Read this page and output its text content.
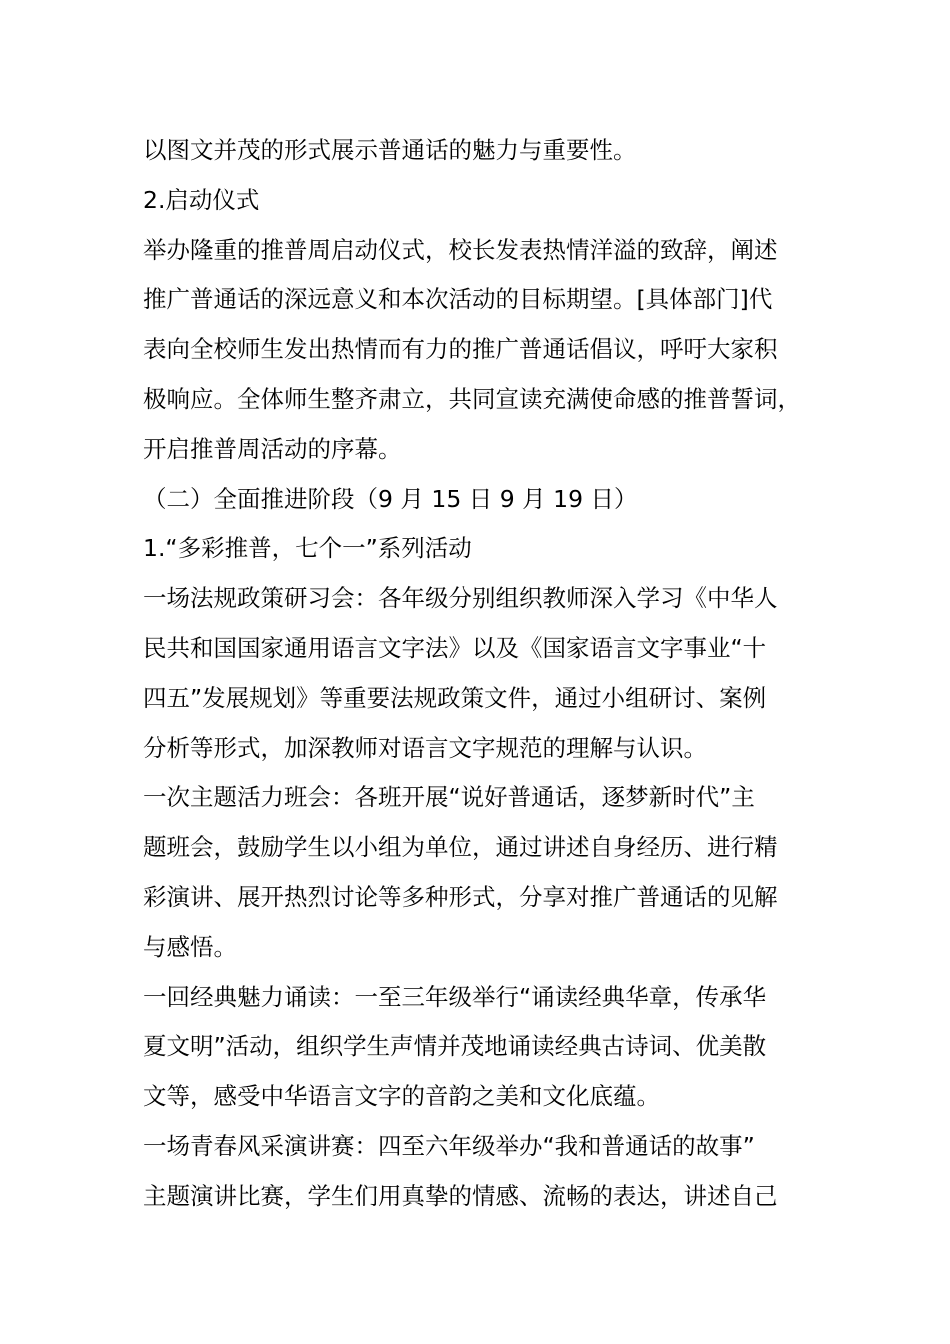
以图文并茂的形式展示普通话的魅力与重要性。
2.启动仪式
举办隆重的推普周启动仪式，校长发表热情洋溢的致辞，阐述
推广普通话的深远意义和本次活动的目标期望。[具体部门]代
表向全校师生发出热情而有力的推广普通话倡议，呼吁大家积
极响应。全体师生整齐肃立，共同宣读充满使命感的推普誓词，
开启推普周活动的序幕。
（二）全面推进阶段（9 月 15 日 9 月 19 日）
1.“多彩推普，七个一”系列活动
一场法规政策研习会：各年级分别组织教师深入学习《中华人
民共和国国家通用语言文字法》以及《国家语言文字事业“十
四五”发展规划》等重要法规政策文件，通过小组研讨、案例
分析等形式，加深教师对语言文字规范的理解与认识。
一次主题活力班会：各班开展“说好普通话，逐梦新时代”主
题班会，鼓励学生以小组为单位，通过讲述自身经历、进行精
彩演讲、展开热烈讨论等多种形式，分享对推广普通话的见解
与感悟。
一回经典魅力诵读：一至三年级举行“诵读经典华章，传承华
夏文明”活动，组织学生声情并茂地诵读经典古诗词、优美散
文等，感受中华语言文字的音韵之美和文化底蕴。
一场青春风采演讲赛：四至六年级举办“我和普通话的故事”
主题演讲比赛，学生们用真挚的情感、流畅的表达，讲述自己
